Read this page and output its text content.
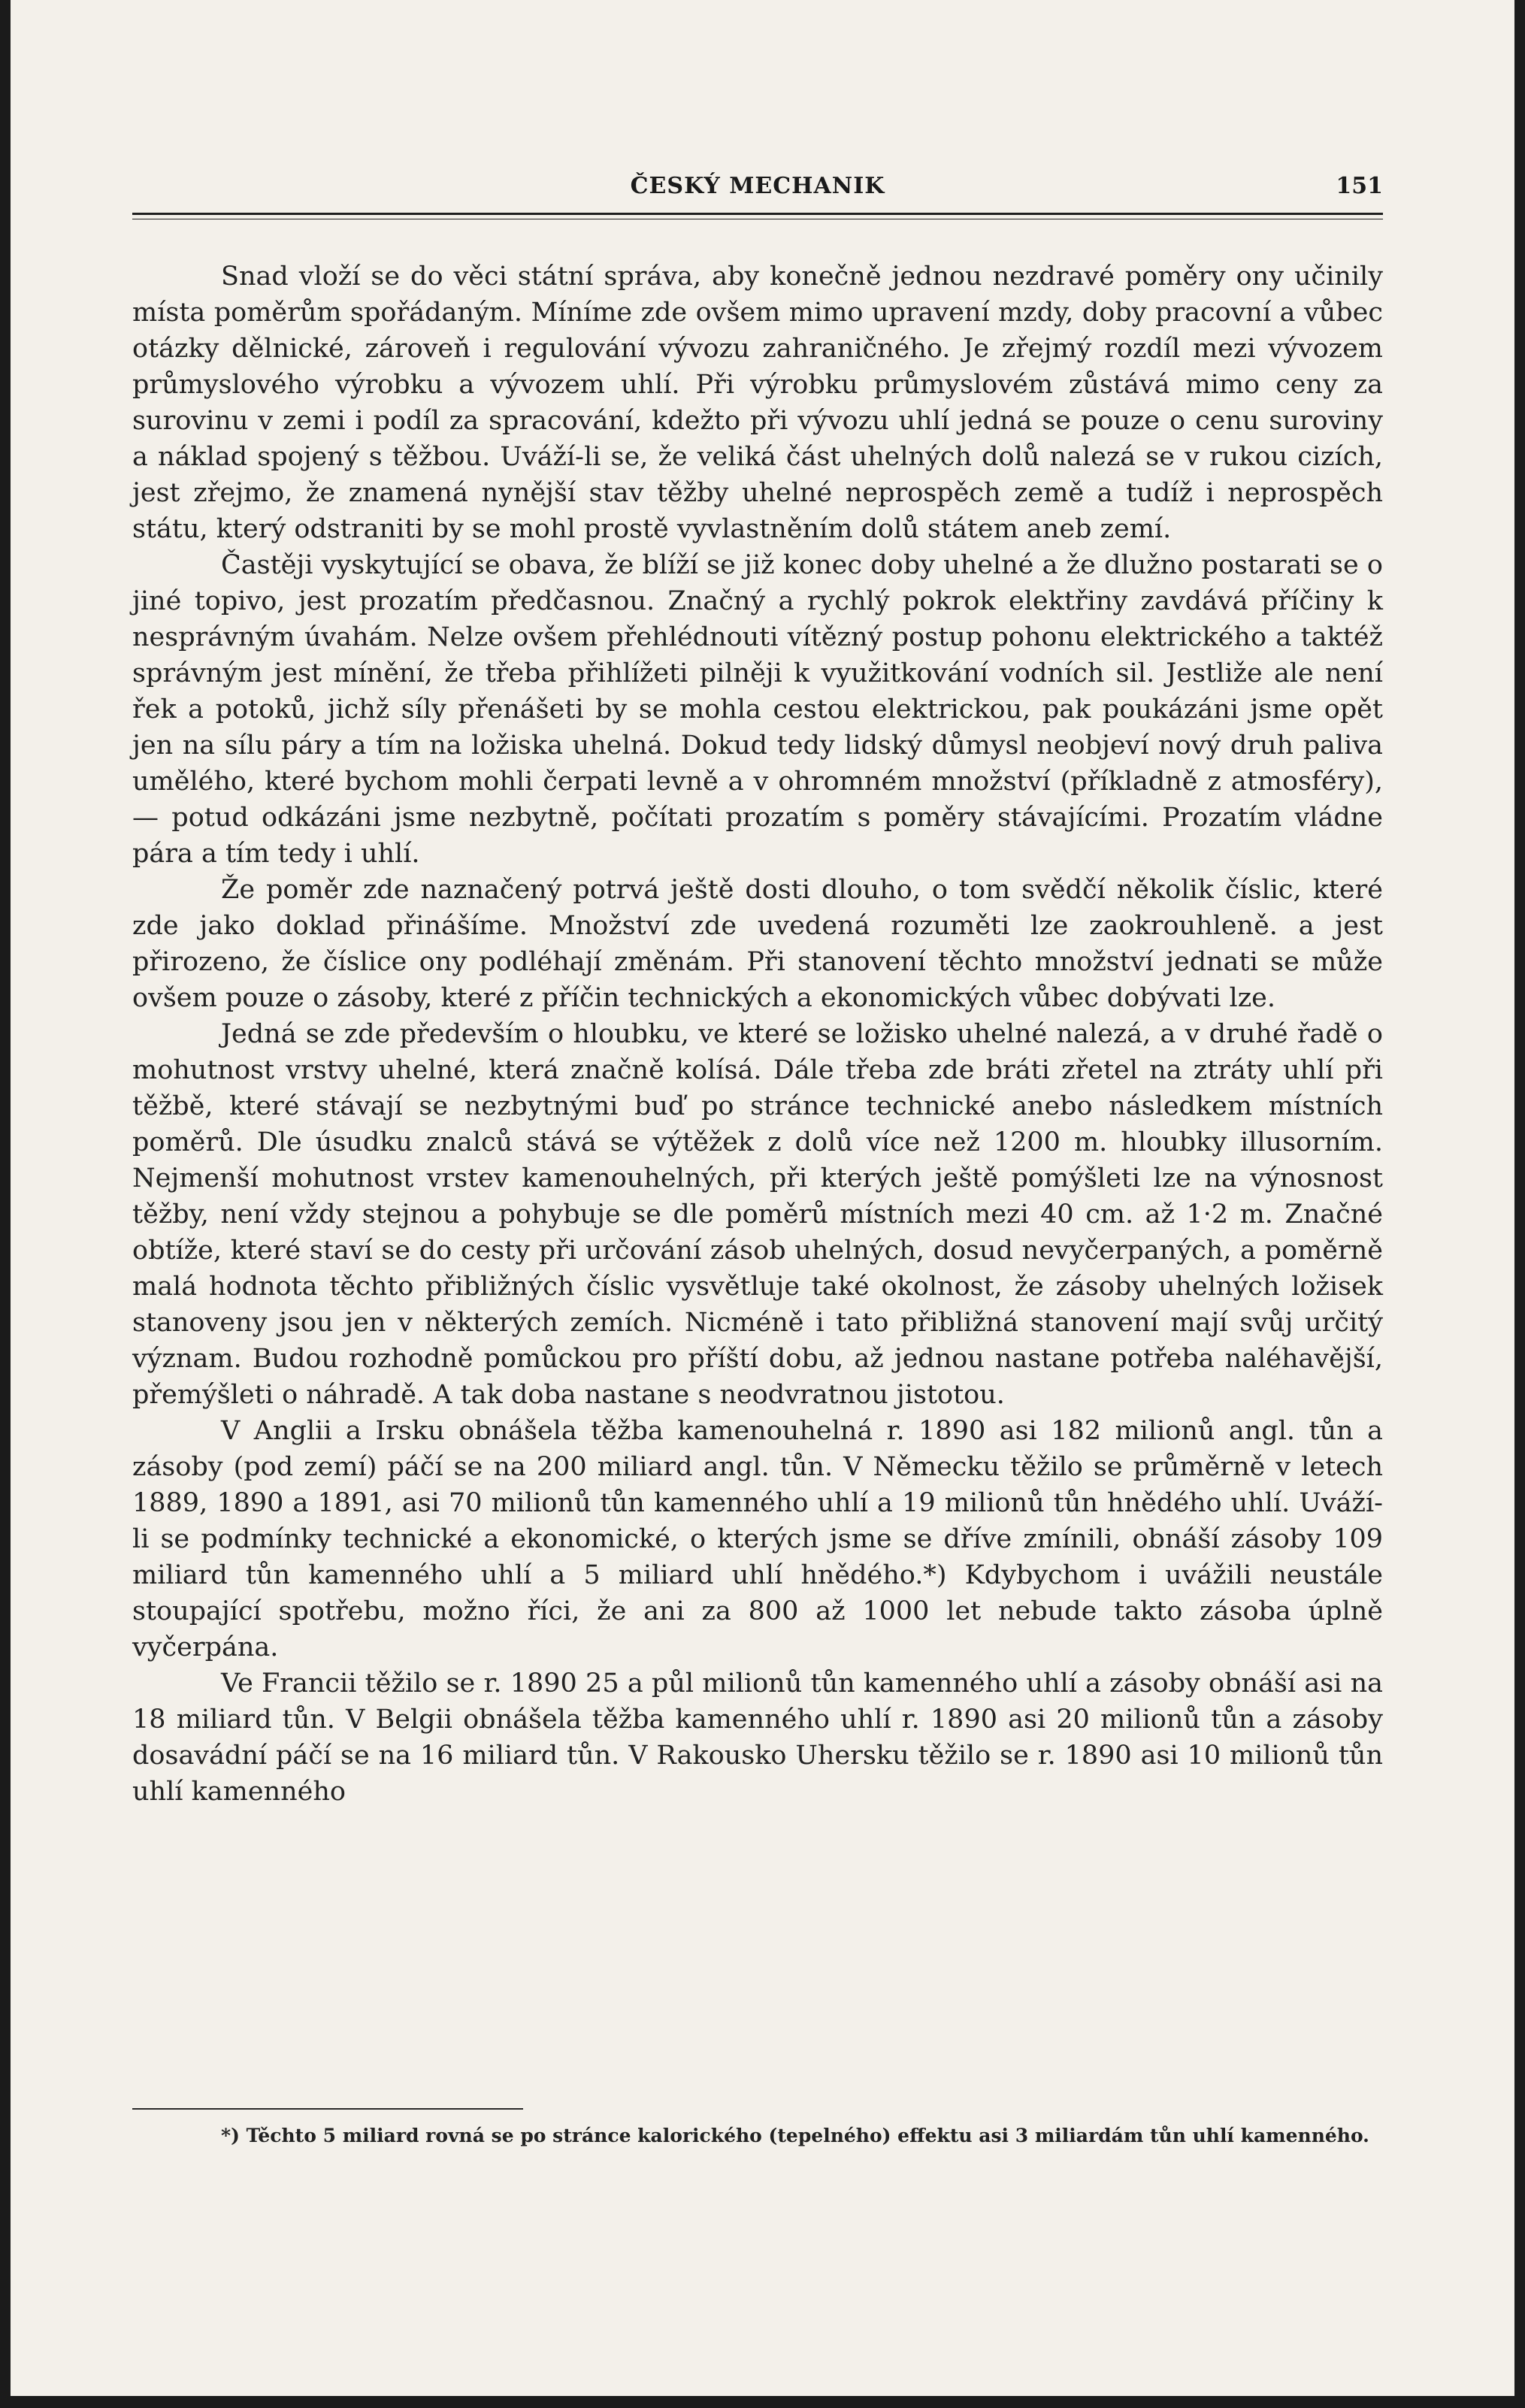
ČESKÝ MECHANIK	151

Snad vloží se do věci státní správa, aby konečně jednou nezdravé poměry ony učinily místa poměrům spořádaným. Míníme zde ovšem mimo upravení mzdy, doby pracovní a vůbec otázky dělnické, zároveň i regulování vývozu zahraničného. Je zřejmý rozdíl mezi vývozem průmyslového výrobku a vývozem uhlí. Při výrobku průmyslovém zůstává mimo ceny za surovinu v zemi i podíl za spracování, kdežto při vývozu uhlí jedná se pouze o cenu suroviny a náklad spojený s těžbou. Uváží-li se, že veliká část uhelných dolů nalezá se v rukou cizích, jest zřejmo, že znamená nynější stav těžby uhelné neprospěch země a tudíž i neprospěch státu, který odstraniti by se mohl prostě vyvlastněním dolů státem aneb zemí.

Častěji vyskytující se obava, že blíží se již konec doby uhelné a že dlužno postarati se o jiné topivo, jest prozatím předčasnou. Značný a rychlý pokrok elektřiny zavdává příčiny k nesprávným úvahám. Nelze ovšem přehlédnouti vítězný postup pohonu elektrického a taktéž správným jest mínění, že třeba přihlížeti pilněji k využitkování vodních sil. Jestliže ale není řek a potoků, jichž síly přenášeti by se mohla cestou elektrickou, pak poukázáni jsme opět jen na sílu páry a tím na ložiska uhelná. Dokud tedy lidský důmysl neobjeví nový druh paliva umělého, které bychom mohli čerpati levně a v ohromném množství (příkladně z atmosféry), — potud odkázáni jsme nezbytně, počítati prozatím s poměry stávajícími. Prozatím vládne pára a tím tedy i uhlí.

Že poměr zde naznačený potrvá ještě dosti dlouho, o tom svědčí několik číslic, které zde jako doklad přinášíme. Množství zde uvedená rozuměti lze zaokrouhleně. a jest přirozeno, že číslice ony podléhají změnám. Při stanovení těchto množství jednati se může ovšem pouze o zásoby, které z příčin technických a ekonomických vůbec dobývati lze.

Jedná se zde především o hloubku, ve které se ložisko uhelné nalezá, a v druhé řadě o mohutnost vrstvy uhelné, která značně kolísá. Dále třeba zde bráti zřetel na ztráty uhlí při těžbě, které stávají se nezbytnými buď po stránce technické anebo následkem místních poměrů. Dle úsudku znalců stává se výtěžek z dolů více než 1200 m. hloubky illusorním. Nejmenší mohutnost vrstev kamenouhelných, při kterých ještě pomýšleti lze na výnosnost těžby, není vždy stejnou a pohybuje se dle poměrů místních mezi 40 cm. až 1·2 m. Značné obtíže, které staví se do cesty při určování zásob uhelných, dosud nevyčerpaných, a poměrně malá hodnota těchto přibližných číslic vysvětluje také okolnost, že zásoby uhelných ložisek stanoveny jsou jen v některých zemích. Nicméně i tato přibližná stanovení mají svůj určitý význam. Budou rozhodně pomůckou pro příští dobu, až jednou nastane potřeba naléhavější, přemýšleti o náhradě. A tak doba nastane s neodvratnou jistotou.

V Anglii a Irsku obnášela těžba kamenouhelná r. 1890 asi 182 milionů angl. tůn a zásoby (pod zemí) páčí se na 200 miliard angl. tůn. V Německu těžilo se průměrně v letech 1889, 1890 a 1891, asi 70 milionů tůn kamenného uhlí a 19 milionů tůn hnědého uhlí. Uváží-li se podmínky technické a ekonomické, o kterých jsme se dříve zmínili, obnáší zásoby 109 miliard tůn kamenného uhlí a 5 miliard uhlí hnědého.*) Kdybychom i uvážili neustále stoupající spotřebu, možno říci, že ani za 800 až 1000 let nebude takto zásoba úplně vyčerpána.

Ve Francii těžilo se r. 1890 25 a půl milionů tůn kamenného uhlí a zásoby obnáší asi na 18 miliard tůn. V Belgii obnášela těžba kamenného uhlí r. 1890 asi 20 milionů tůn a zásoby dosavádní páčí se na 16 miliard tůn. V Rakousko Uhersku těžilo se r. 1890 asi 10 milionů tůn uhlí kamenného

*) Těchto 5 miliard rovná se po stránce kalorického (tepelného) effektu asi 3 miliardám tůn uhlí kamenného.
